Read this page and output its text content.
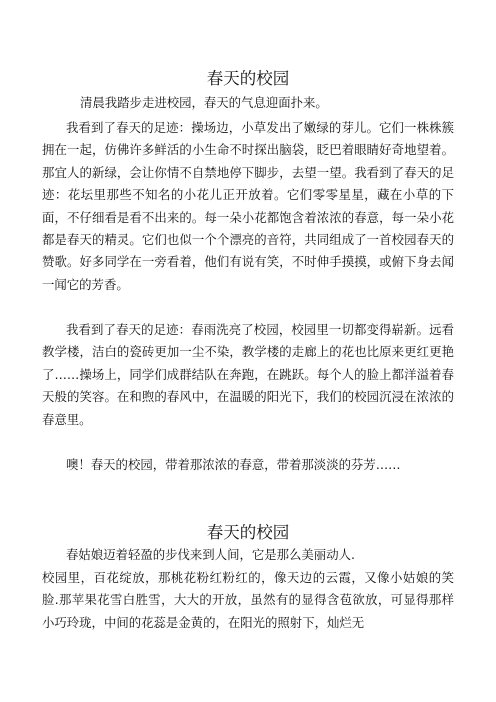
春天的校园

清晨我踏步走进校园，春天的气息迎面扑来。

我看到了春天的足迹：操场边，小草发出了嫩绿的芽儿。它们一株株簇拥在一起，仿佛许多鲜活的小生命不时探出脑袋，眨巴着眼睛好奇地望着。那宜人的新绿，会让你情不自禁地停下脚步，去望一望。我看到了春天的足迹：花坛里那些不知名的小花儿正开放着。它们零零星星，藏在小草的下面，不仔细看是看不出来的。每一朵小花都饱含着浓浓的春意，每一朵小花都是春天的精灵。它们也似一个个漂亮的音符，共同组成了一首校园春天的赞歌。好多同学在一旁看着，他们有说有笑，不时伸手摸摸，或俯下身去闻一闻它的芳香。

我看到了春天的足迹：春雨洗亮了校园，校园里一切都变得崭新。远看教学楼，洁白的瓷砖更加一尘不染，教学楼的走廊上的花也比原来更红更艳了……操场上，同学们成群结队在奔跑，在跳跃。每个人的脸上都洋溢着春天般的笑容。在和煦的春风中，在温暖的阳光下，我们的校园沉浸在浓浓的春意里。

噢！春天的校园，带着那浓浓的春意，带着那淡淡的芬芳……

春天的校园

春姑娘迈着轻盈的步伐来到人间，它是那么美丽动人.

校园里，百花绽放，那桃花粉红粉红的，像天边的云霞，又像小姑娘的笑脸.那苹果花雪白胜雪，大大的开放，虽然有的显得含苞欲放，可显得那样小巧玲珑，中间的花蕊是金黄的，在阳光的照射下，灿烂无
